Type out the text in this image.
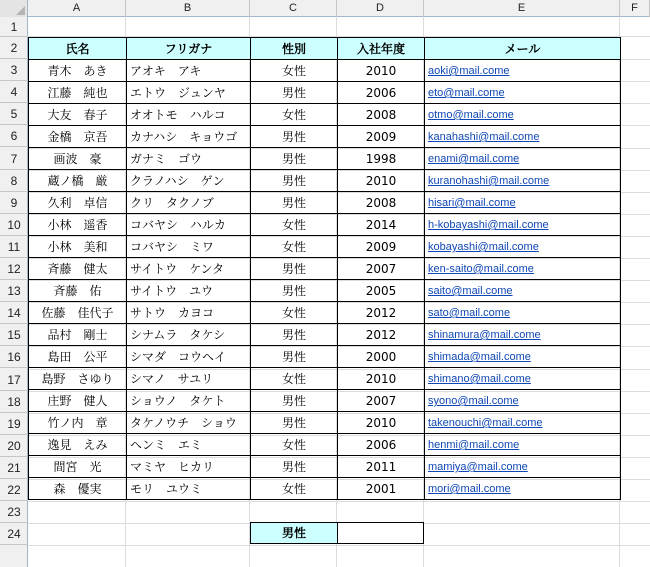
A	B	C	D	E	F
1
2
3
4
5
6
7
8
9
10
11
12
13
14
15
16
17
18
19
20
21
22
23
24
氏名	フリガナ	性別	入社年度	メール
青木　あき	アオキ　アキ	女性	2010	aoki@mail.come
江藤　純也	エトウ　ジュンヤ	男性	2006	eto@mail.come
大友　春子	オオトモ　ハルコ	女性	2008	otmo@mail.come
金橋　京吾	カナハシ　キョウゴ	男性	2009	kanahashi@mail.come
画波　豪	ガナミ　ゴウ	男性	1998	enami@mail.come
蔵ノ橋　厳	クラノハシ　ゲン	男性	2010	kuranohashi@mail.come
久利　卓信	クリ　タクノブ	男性	2008	hisari@mail.come
小林　遥香	コバヤシ　ハルカ	女性	2014	h-kobayashi@mail.come
小林　美和	コバヤシ　ミワ	女性	2009	kobayashi@mail.come
斉藤　健太	サイトウ　ケンタ	男性	2007	ken-saito@mail.come
斉藤　佑	サイトウ　ユウ	男性	2005	saito@mail.come
佐藤　佳代子	サトウ　カヨコ	女性	2012	sato@mail.come
品村　剛士	シナムラ　タケシ	男性	2012	shinamura@mail.come
島田　公平	シマダ　コウヘイ	男性	2000	shimada@mail.come
島野　さゆり	シマノ　サユリ	女性	2010	shimano@mail.come
庄野　健人	ショウノ　タケト	男性	2007	syono@mail.come
竹ノ内　章	タケノウチ　ショウ	男性	2010	takenouchi@mail.come
逸見　えみ	ヘンミ　エミ	女性	2006	henmi@mail.come
間宮　光	マミヤ　ヒカリ	男性	2011	mamiya@mail.come
森　優実	モリ　ユウミ	女性	2001	mori@mail.come
男性
